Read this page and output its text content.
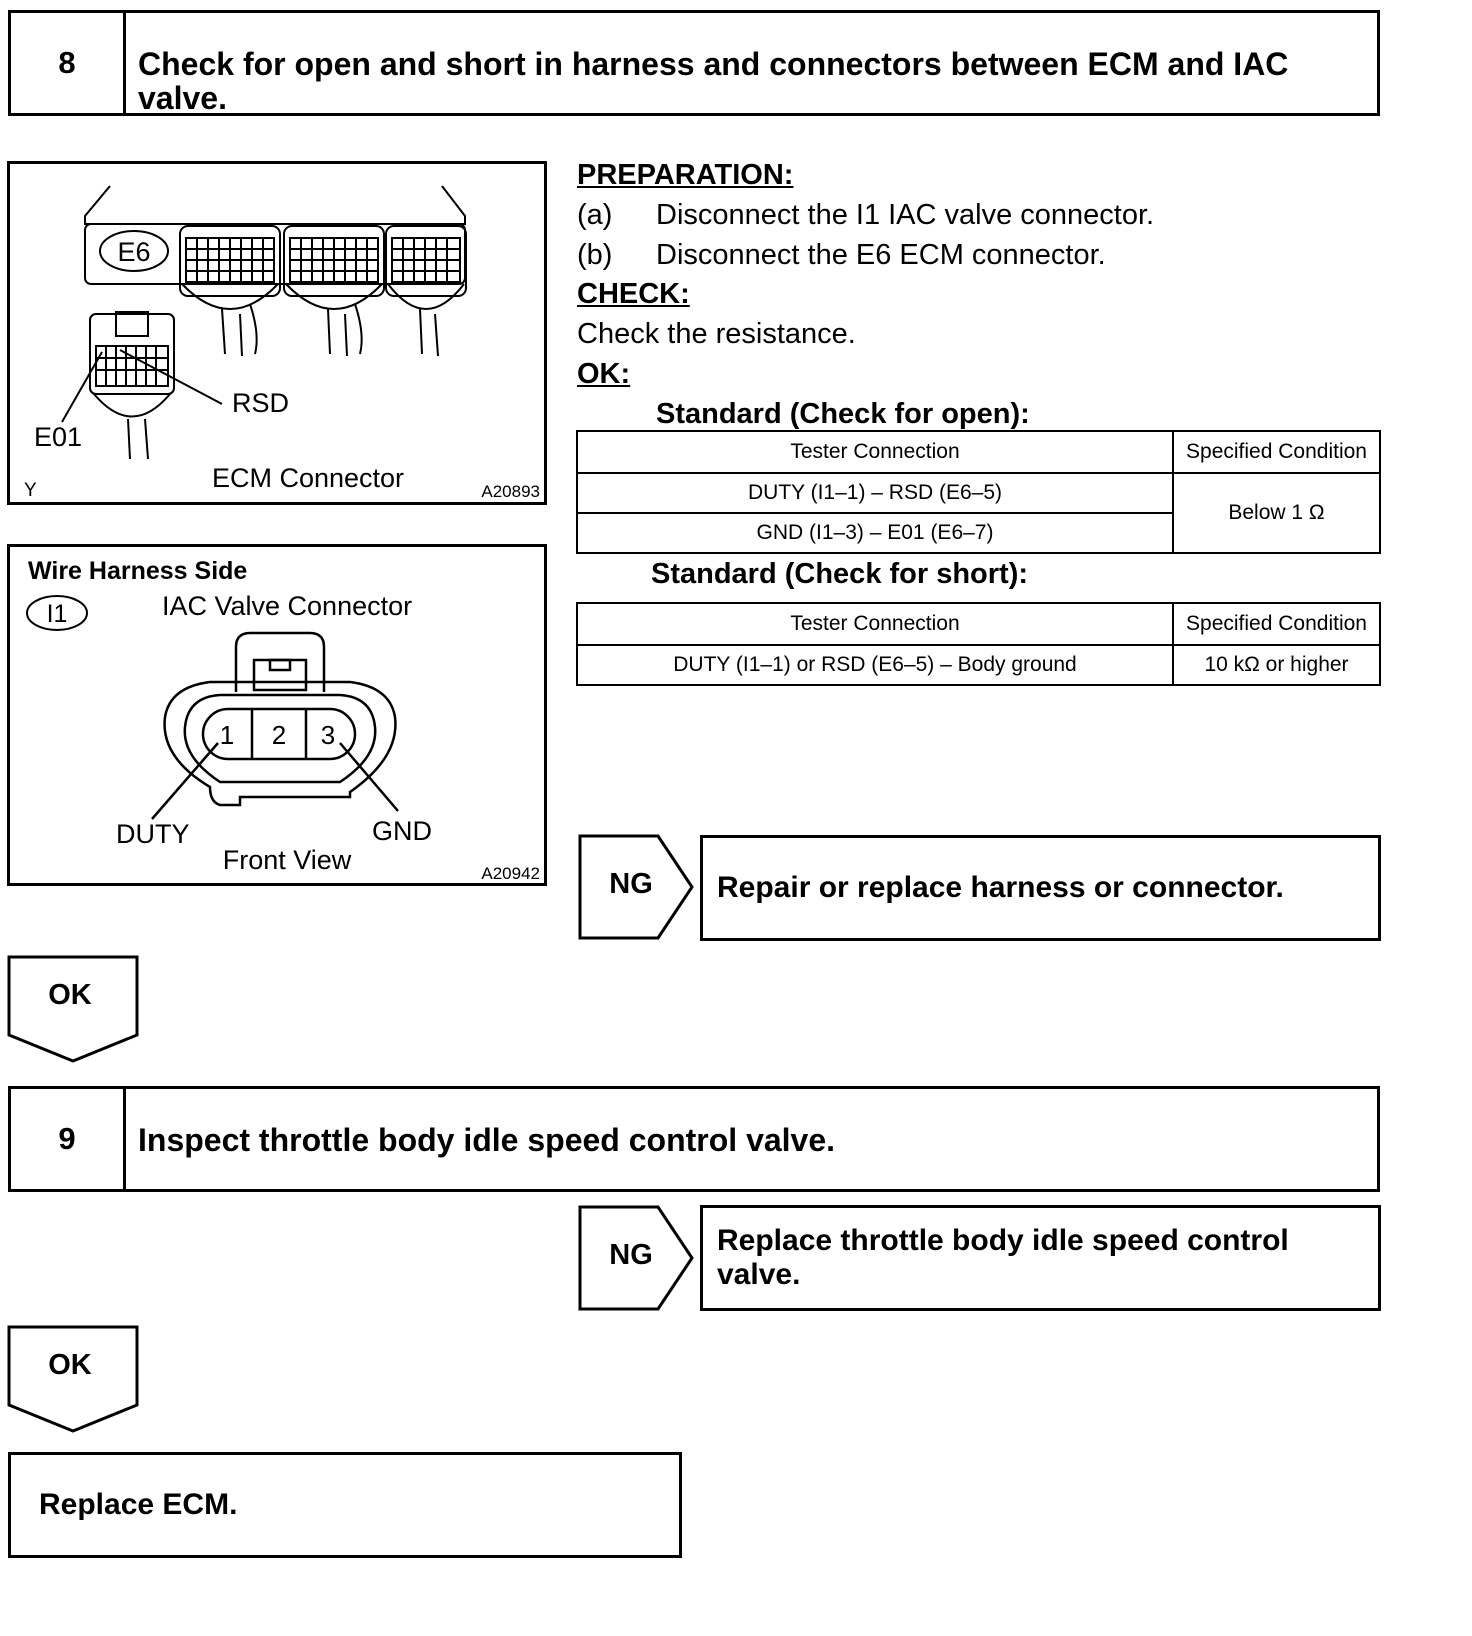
8	Check for open and short in harness and connectors between ECM and IAC valve.
E6
RSD
E01
Y	ECM Connector	A20893
Wire Harness Side
I1	IAC Valve Connector
1 2 3
DUTY	GND
Front View	A20942
PREPARATION:
(a)	Disconnect the I1 IAC valve connector.
(b)	Disconnect the E6 ECM connector.
CHECK:
Check the resistance.
OK:
Standard (Check for open):
Tester Connection	Specified Condition
DUTY (I1–1) – RSD (E6–5)	Below 1 Ω
GND (I1–3) – E01 (E6–7)	
Standard (Check for short):
Tester Connection	Specified Condition
DUTY (I1–1) or RSD (E6–5) – Body ground	10 kΩ or higher
NG	Repair or replace harness or connector.
OK
9	Inspect throttle body idle speed control valve.
NG	Replace throttle body idle speed control valve.
OK
Replace ECM.
